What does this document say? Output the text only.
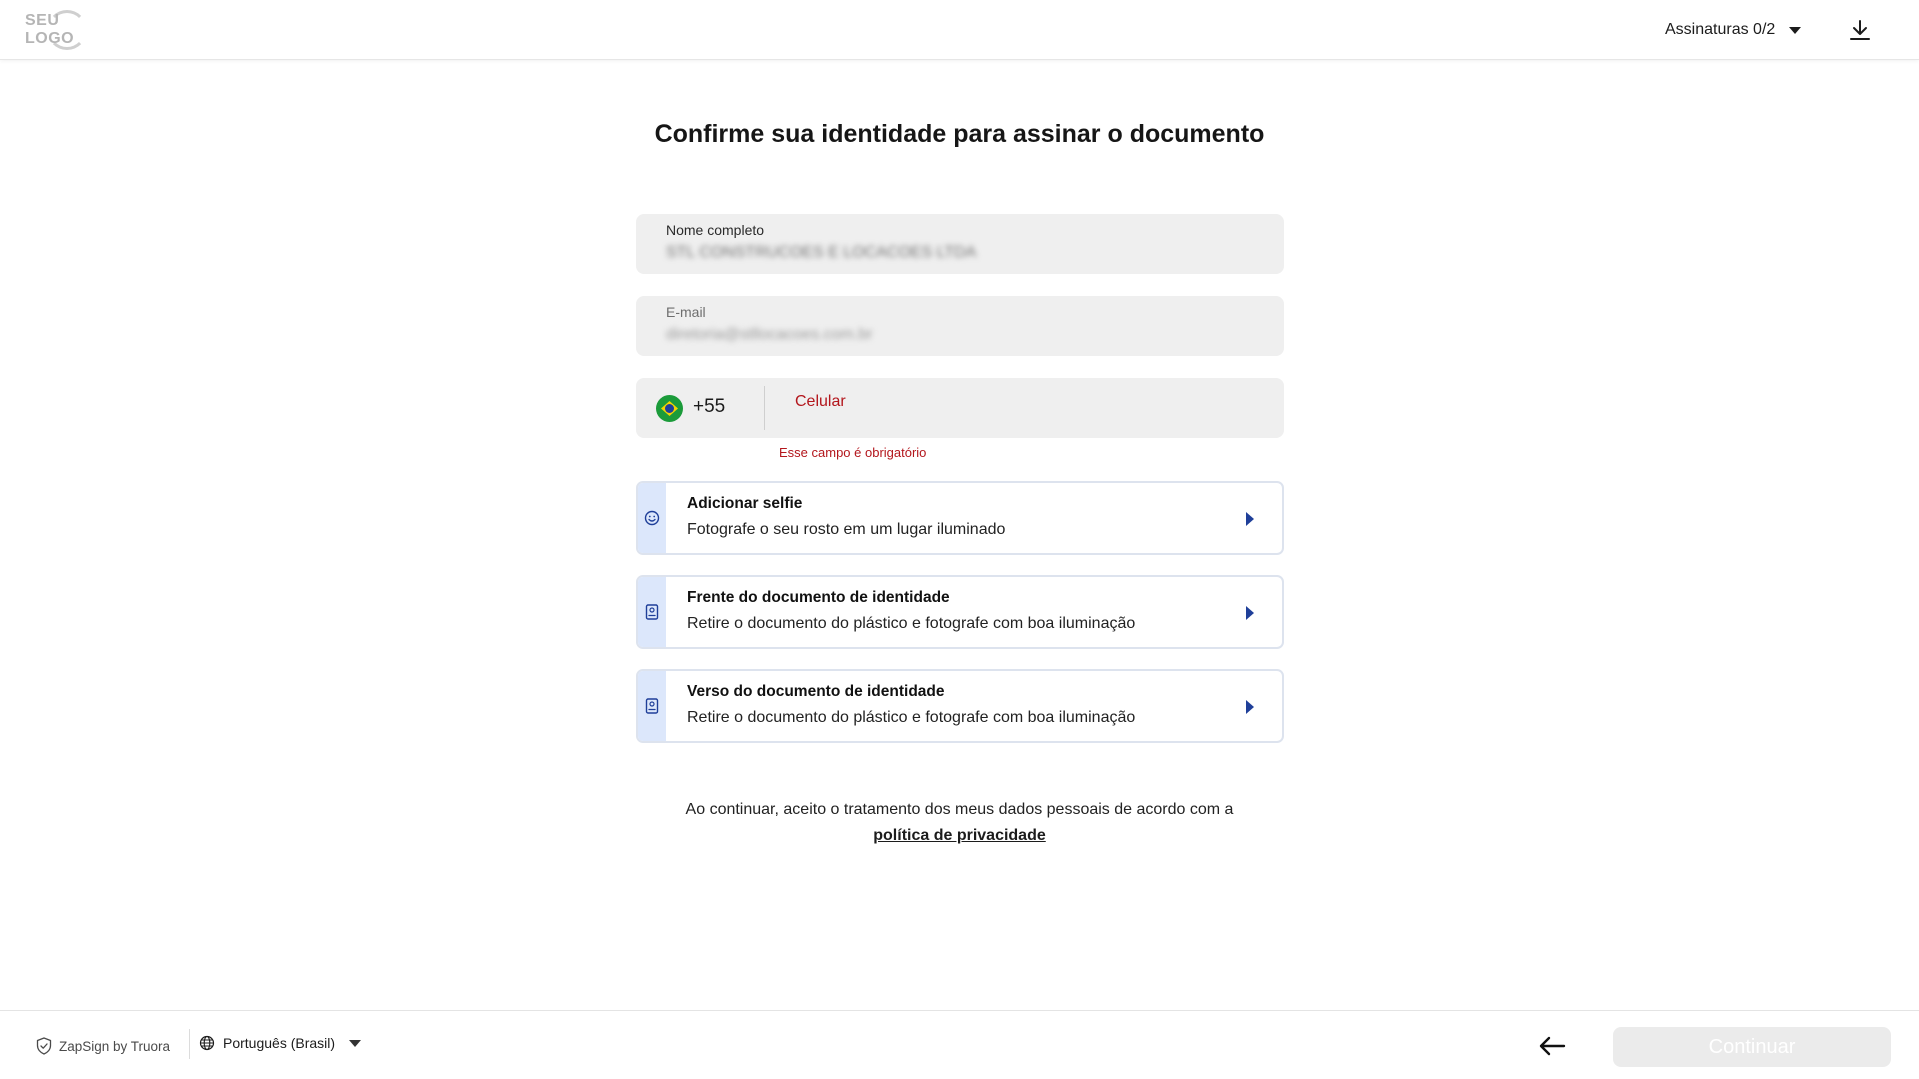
SEU LOGO
Assinaturas 0/2
Confirme sua identidade para assinar o documento
Nome completo
STL CONSTRUCOES E LOCACOES LTDA
E-mail
diretoria@stllocacoes.com.br
+55	Celular
Esse campo é obrigatório
Adicionar selfie
Fotografe o seu rosto em um lugar iluminado
Frente do documento de identidade
Retire o documento do plástico e fotografe com boa iluminação
Verso do documento de identidade
Retire o documento do plástico e fotografe com boa iluminação
Ao continuar, aceito o tratamento dos meus dados pessoais de acordo com a
política de privacidade
ZapSign by Truora	Português (Brasil)	Continuar
